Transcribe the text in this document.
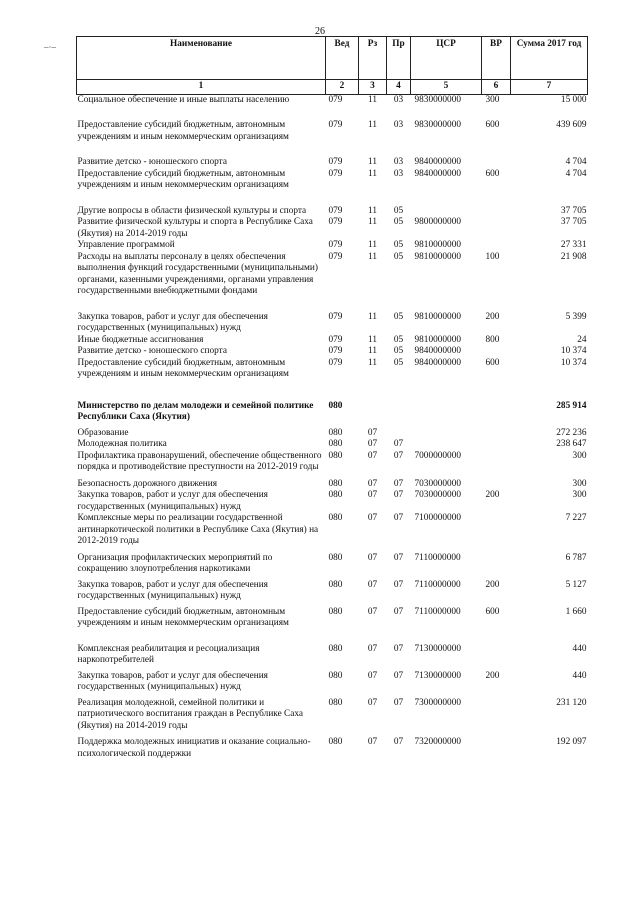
26
–·–	Наименование	Вед	Рз	Пр	ЦСР	ВР	Сумма 2017 год
1	2	3	4	5	6	7
Социальное обеспечение и иные выплаты населению	079	11	03	9830000000	300	15 000
Предоставление субсидий бюджетным, автономным учреждениям и иным некоммерческим организациям	079	11	03	9830000000	600	439 609
Развитие детско - юношеского спорта	079	11	03	9840000000		4 704
Предоставление субсидий бюджетным, автономным учреждениям и иным некоммерческим организациям	079	11	03	9840000000	600	4 704
Другие вопросы в области физической культуры и спорта	079	11	05			37 705
Развитие физической культуры и спорта в Республике Саха (Якутия) на 2014-2019 годы	079	11	05	9800000000		37 705
Управление программой	079	11	05	9810000000		27 331
Расходы на выплаты персоналу в целях обеспечения выполнения функций государственными (муниципальными) органами, казенными учреждениями, органами управления государственными внебюджетными фондами	079	11	05	9810000000	100	21 908
Закупка товаров, работ и услуг для обеспечения государственных (муниципальных) нужд	079	11	05	9810000000	200	5 399
Иные бюджетные ассигнования	079	11	05	9810000000	800	24
Развитие детско - юношеского спорта	079	11	05	9840000000		10 374
Предоставление субсидий бюджетным, автономным учреждениям и иным некоммерческим организациям	079	11	05	9840000000	600	10 374
Министерство по делам молодежи и семейной политике Республики Саха (Якутия)	080					285 914
Образование	080	07				272 236
Молодежная политика	080	07	07			238 647
Профилактика правонарушений, обеспечение общественного порядка и противодействие преступности на 2012-2019 годы	080	07	07	7000000000		300
Безопасность дорожного движения	080	07	07	7030000000		300
Закупка товаров, работ и услуг для обеспечения государственных (муниципальных) нужд	080	07	07	7030000000	200	300
Комплексные меры по реализации государственной антинаркотической политики в Республике Саха (Якутия) на 2012-2019 годы	080	07	07	7100000000		7 227
Организация профилактических мероприятий по сокращению злоупотребления наркотиками	080	07	07	7110000000		6 787
Закупка товаров, работ и услуг для обеспечения государственных (муниципальных) нужд	080	07	07	7110000000	200	5 127
Предоставление субсидий бюджетным, автономным учреждениям и иным некоммерческим организациям	080	07	07	7110000000	600	1 660
Комплексная реабилитация и ресоциализация наркопотребителей	080	07	07	7130000000		440
Закупка товаров, работ и услуг для обеспечения государственных (муниципальных) нужд	080	07	07	7130000000	200	440
Реализация молодежной, семейной политики и патриотического воспитания граждан в Республике Саха (Якутия) на 2014-2019 годы	080	07	07	7300000000		231 120
Поддержка молодежных инициатив и оказание социально-психологической поддержки	080	07	07	7320000000		192 097
